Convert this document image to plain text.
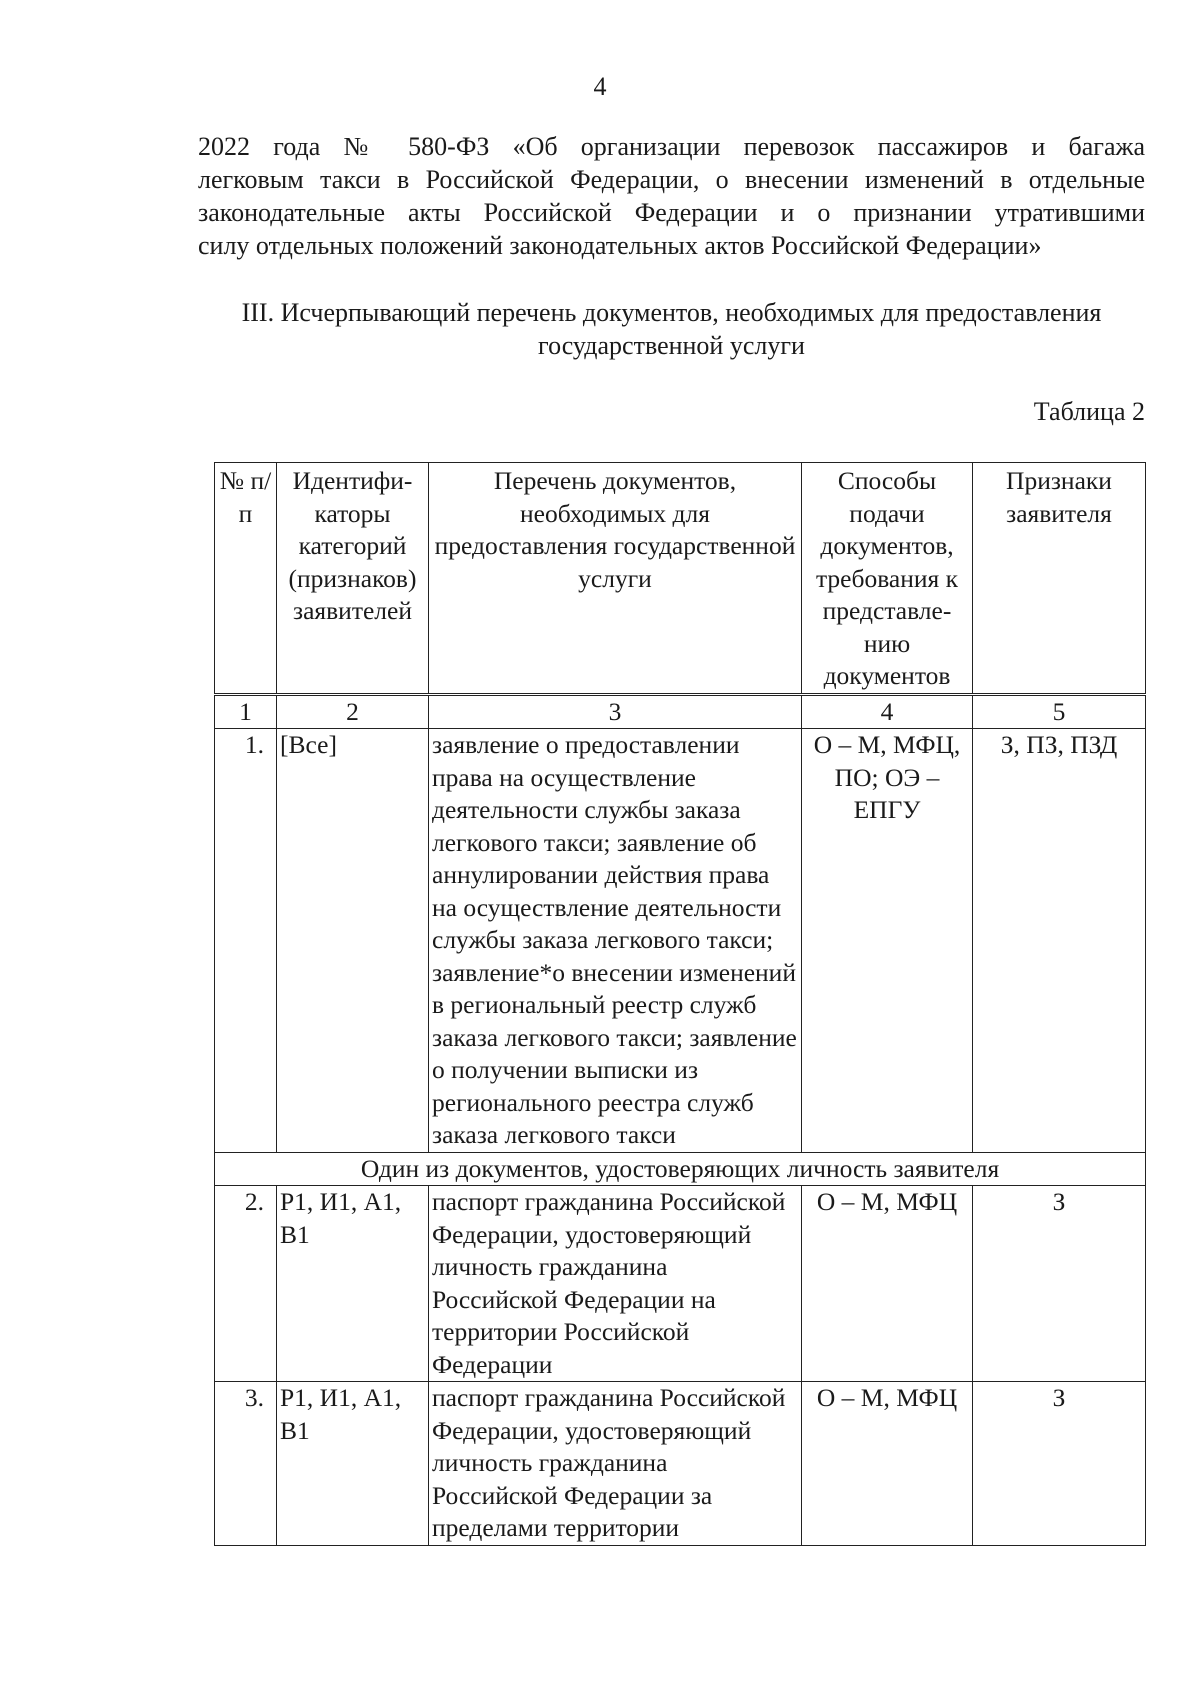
4
2022 года № 580-ФЗ «Об организации перевозок пассажиров и багажа
легковым такси в Российской Федерации, о внесении изменений в отдельные
законодательные акты Российской Федерации и о признании утратившими
силу отдельных положений законодательных актов Российской Федерации»
III. Исчерпывающий перечень документов, необходимых для предоставления
государственной услуги
Таблица 2
№ п/п	Идентифи-каторы категорий (признаков) заявителей	Перечень документов, необходимых для предоставления государственной услуги	Способы подачи документов, требования к представле-нию документов	Признаки заявителя
1	2	3	4	5
1.	[Все]	заявление о предоставлении права на осуществление деятельности службы заказа легкового такси; заявление об аннулировании действия права на осуществление деятельности службы заказа легкового такси; заявление*о внесении изменений в региональный реестр служб заказа легкового такси; заявление о получении выписки из регионального реестра служб заказа легкового такси	О – М, МФЦ, ПО; ОЭ – ЕПГУ	З, ПЗ, ПЗД
Один из документов, удостоверяющих личность заявителя				
2.	Р1, И1, А1, В1	паспорт гражданина Российской Федерации, удостоверяющий личность гражданина Российской Федерации на территории Российской Федерации	О – М, МФЦ	З
3.	Р1, И1, А1, В1	паспорт гражданина Российской Федерации, удостоверяющий личность гражданина Российской Федерации за пределами территории	О – М, МФЦ	З
